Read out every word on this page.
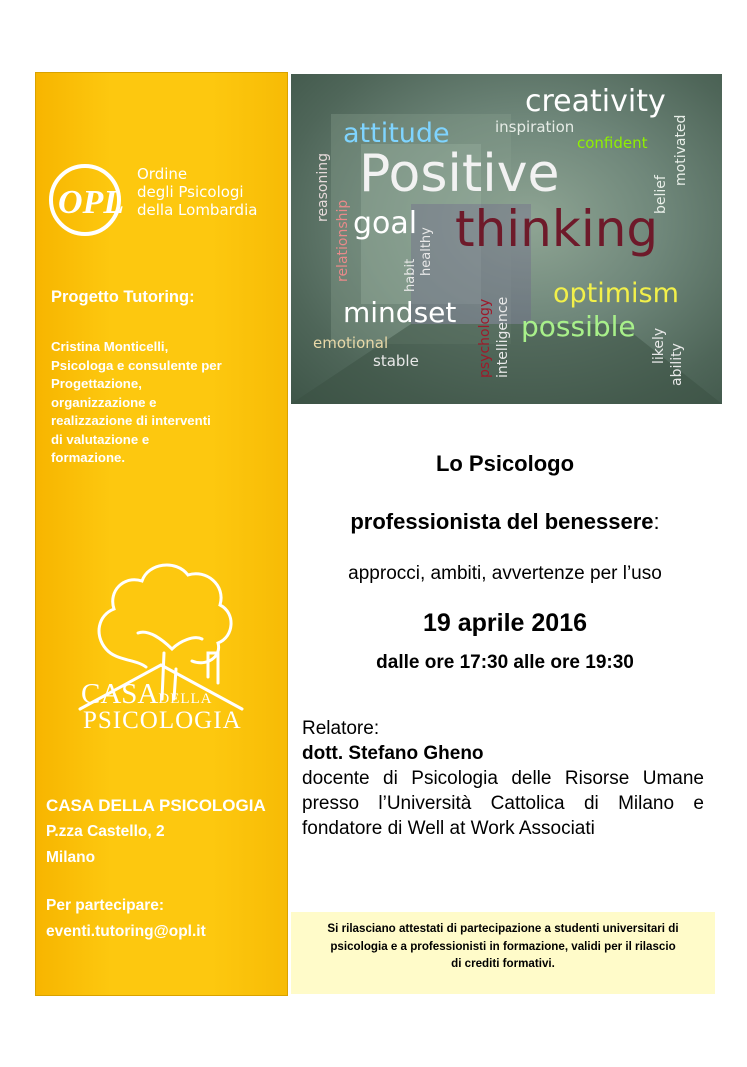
OPL
Ordine
degli Psicologi
della Lombardia
Progetto Tutoring:
Cristina Monticelli,
Psicologa e consulente per
Progettazione,
organizzazione e
realizzazione di interventi
di valutazione e
formazione.
CASADELLA
PSICOLOGIA
CASA DELLA PSICOLOGIA
P.zza Castello, 2
Milano
Per partecipare:
eventi.tutoring@opl.it
creativity
inspiration
confident motivated
attitude
reasoning
relationship
Positive	belief
goal thinking
habit healthy
optimism
mindset possible
emotional
stable	psychology intelligence	likely ability
Lo Psicologo
professionista del benessere:
approcci, ambiti, avvertenze per l’uso
19 aprile 2016
dalle ore 17:30 alle ore 19:30
Relatore:
dott. Stefano Gheno
docente di Psicologia delle Risorse Umane
presso l’Università Cattolica di Milano e
fondatore di Well at Work Associati
Si rilasciano attestati di partecipazione a studenti universitari di
psicologia e a professionisti in formazione, validi per il rilascio
di crediti formativi.
